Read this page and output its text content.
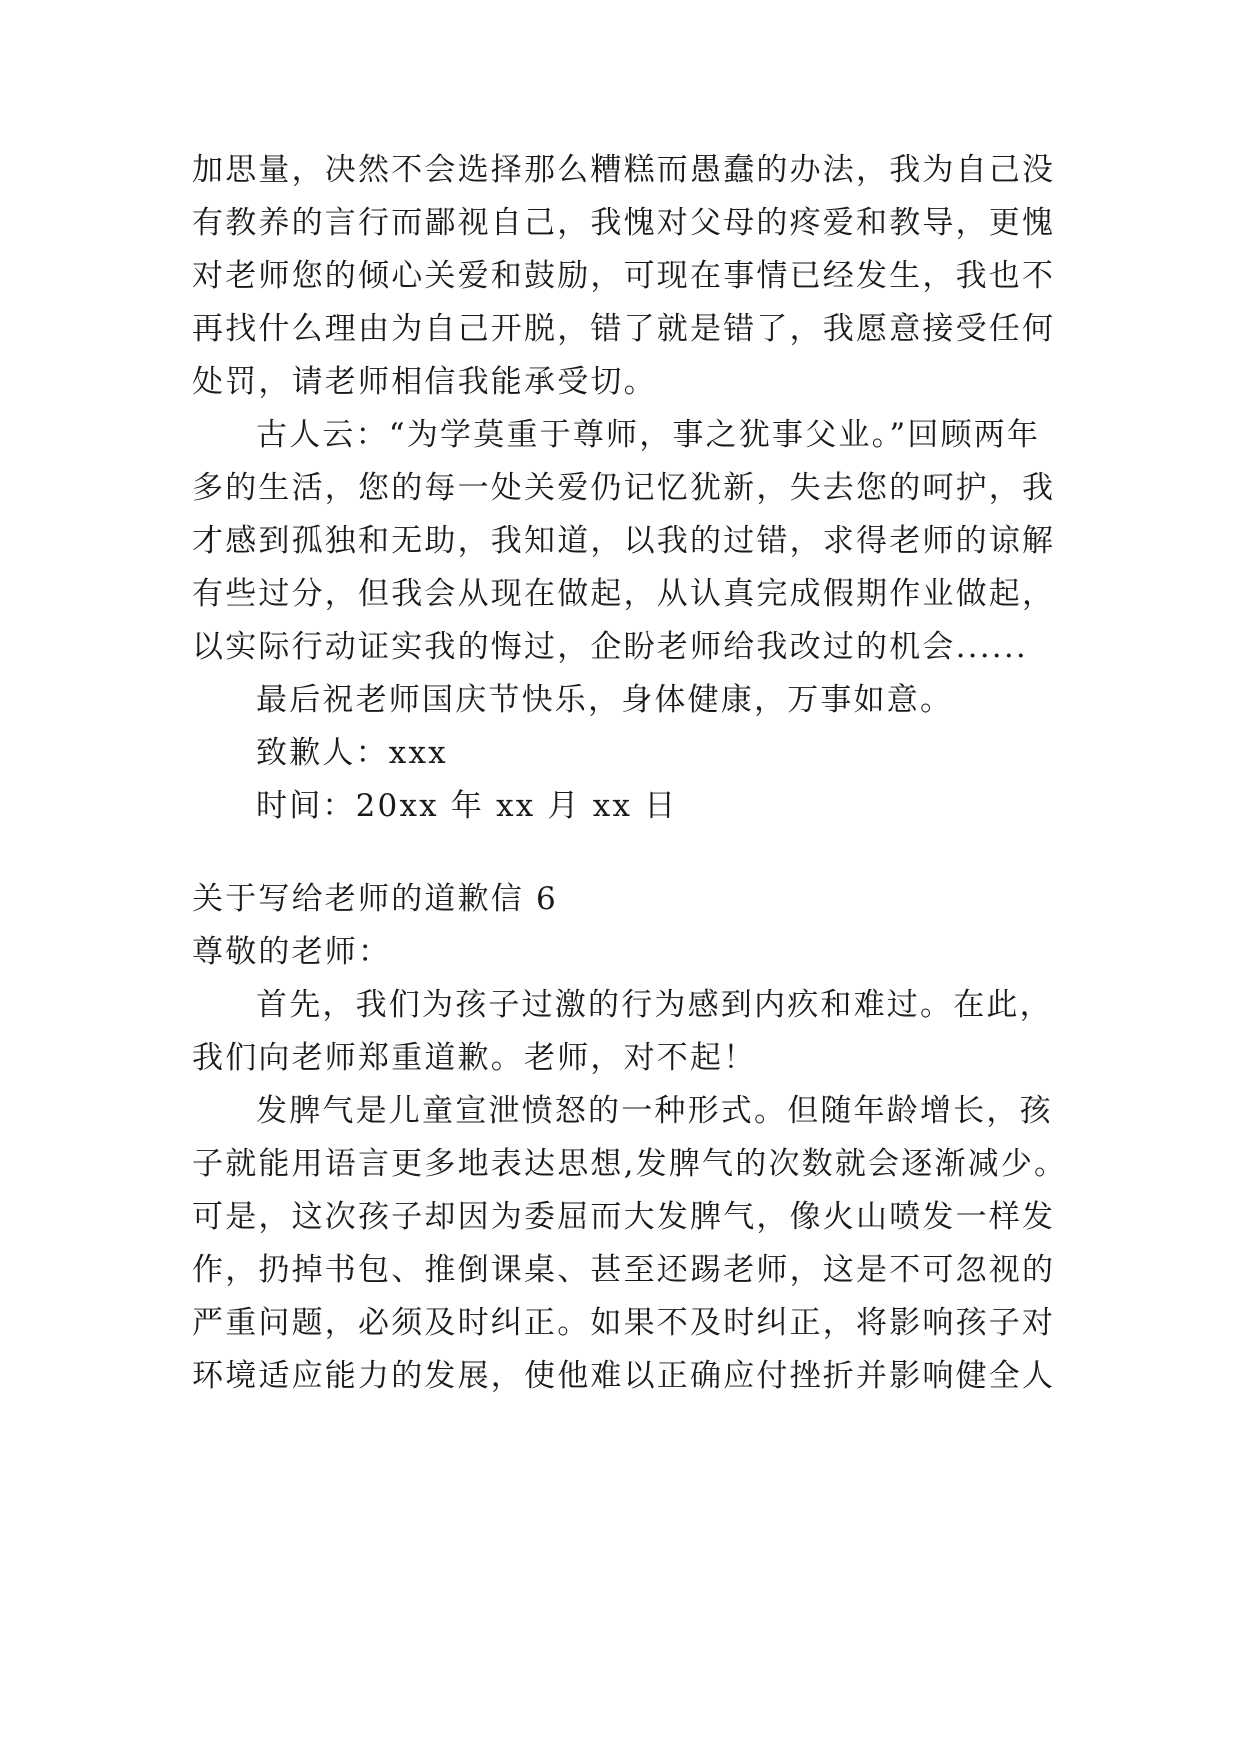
加思量，决然不会选择那么糟糕而愚蠢的办法，我为自己没
有教养的言行而鄙视自己，我愧对父母的疼爱和教导，更愧
对老师您的倾心关爱和鼓励，可现在事情已经发生，我也不
再找什么理由为自己开脱，错了就是错了，我愿意接受任何
处罚，请老师相信我能承受切。
古人云：“为学莫重于尊师，事之犹事父业。”回顾两年
多的生活，您的每一处关爱仍记忆犹新，失去您的呵护，我
才感到孤独和无助，我知道，以我的过错，求得老师的谅解
有些过分，但我会从现在做起，从认真完成假期作业做起，
以实际行动证实我的悔过，企盼老师给我改过的机会......
最后祝老师国庆节快乐，身体健康，万事如意。
致歉人：xxx
时间：20xx 年 xx 月 xx 日
关于写给老师的道歉信 6
尊敬的老师：
首先，我们为孩子过激的行为感到内疚和难过。在此，
我们向老师郑重道歉。老师，对不起！
发脾气是儿童宣泄愤怒的一种形式。但随年龄增长，孩
子就能用语言更多地表达思想,发脾气的次数就会逐渐减少。
可是，这次孩子却因为委屈而大发脾气，像火山喷发一样发
作，扔掉书包、推倒课桌、甚至还踢老师，这是不可忽视的
严重问题，必须及时纠正。如果不及时纠正，将影响孩子对
环境适应能力的发展，使他难以正确应付挫折并影响健全人
